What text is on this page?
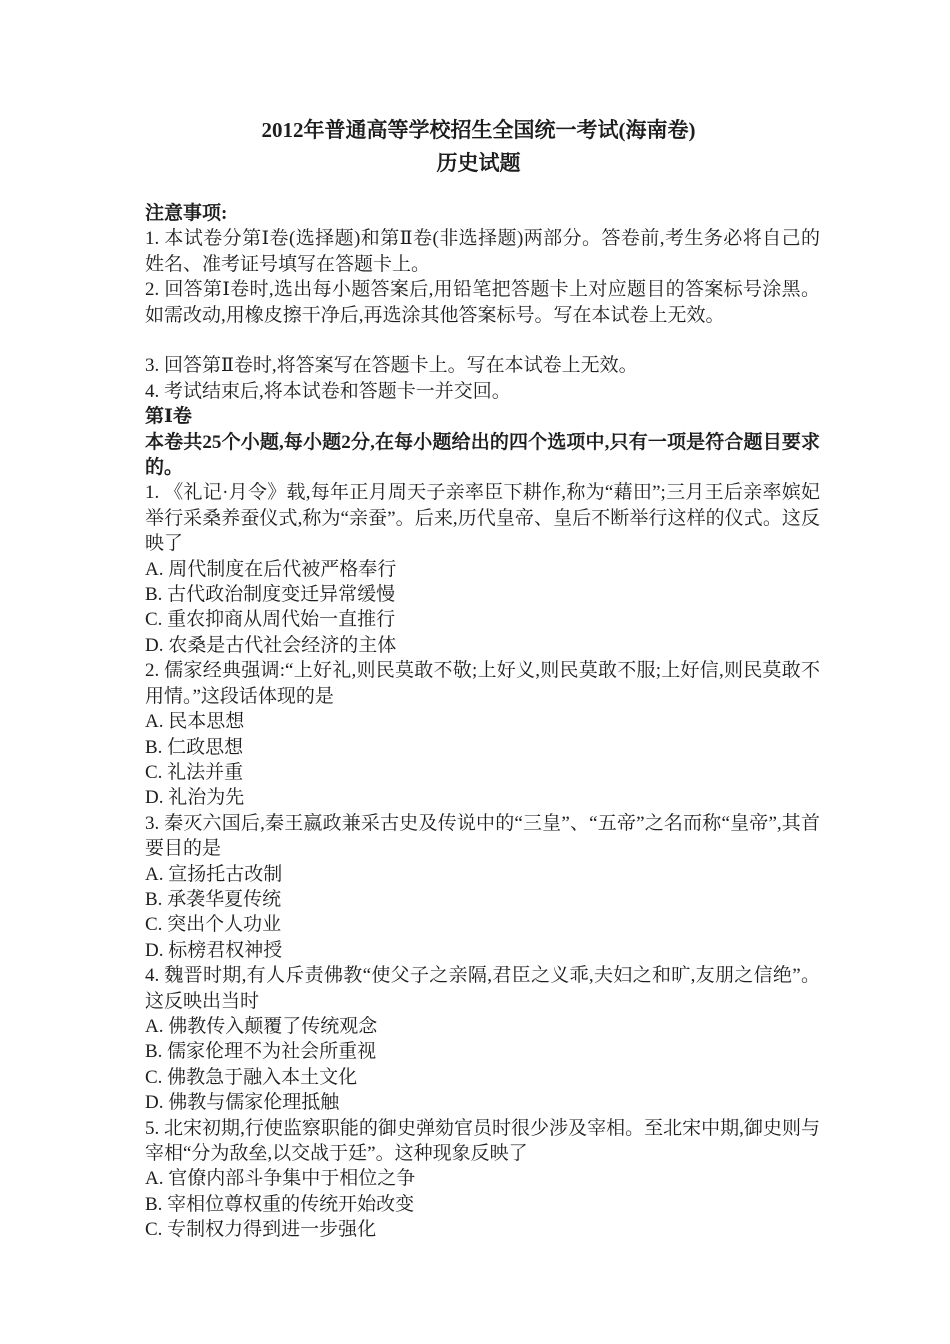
2012年普通高等学校招生全国统一考试(海南卷)
历史试题
注意事项:

1. 本试卷分第Ⅰ卷(选择题)和第Ⅱ卷(非选择题)两部分。答卷前,考生务必将自己的姓名、准考证号填写在答题卡上。

2. 回答第Ⅰ卷时,选出每小题答案后,用铅笔把答题卡上对应题目的答案标号涂黑。如需改动,用橡皮擦干净后,再选涂其他答案标号。写在本试卷上无效。

3. 回答第Ⅱ卷时,将答案写在答题卡上。写在本试卷上无效。

4. 考试结束后,将本试卷和答题卡一并交回。

第Ⅰ卷

本卷共25个小题,每小题2分,在每小题给出的四个选项中,只有一项是符合题目要求的。

1. 《礼记·月令》载,每年正月周天子亲率臣下耕作,称为“藉田”;三月王后亲率嫔妃举行采桑养蚕仪式,称为“亲蚕”。后来,历代皇帝、皇后不断举行这样的仪式。这反映了

A. 周代制度在后代被严格奉行

B. 古代政治制度变迁异常缓慢

C. 重农抑商从周代始一直推行

D. 农桑是古代社会经济的主体

2. 儒家经典强调:“上好礼,则民莫敢不敬;上好义,则民莫敢不服;上好信,则民莫敢不用情。”这段话体现的是

A. 民本思想

B. 仁政思想

C. 礼法并重

D. 礼治为先

3. 秦灭六国后,秦王嬴政兼采古史及传说中的“三皇”、“五帝”之名而称“皇帝”,其首要目的是

A. 宣扬托古改制

B. 承袭华夏传统

C. 突出个人功业

D. 标榜君权神授

4. 魏晋时期,有人斥责佛教“使父子之亲隔,君臣之义乖,夫妇之和旷,友朋之信绝”。这反映出当时

A. 佛教传入颠覆了传统观念

B. 儒家伦理不为社会所重视

C. 佛教急于融入本土文化

D. 佛教与儒家伦理抵触

5. 北宋初期,行使监察职能的御史弹劾官员时很少涉及宰相。至北宋中期,御史则与宰相“分为敌垒,以交战于廷”。这种现象反映了

A. 官僚内部斗争集中于相位之争

B. 宰相位尊权重的传统开始改变

C. 专制权力得到进一步强化
